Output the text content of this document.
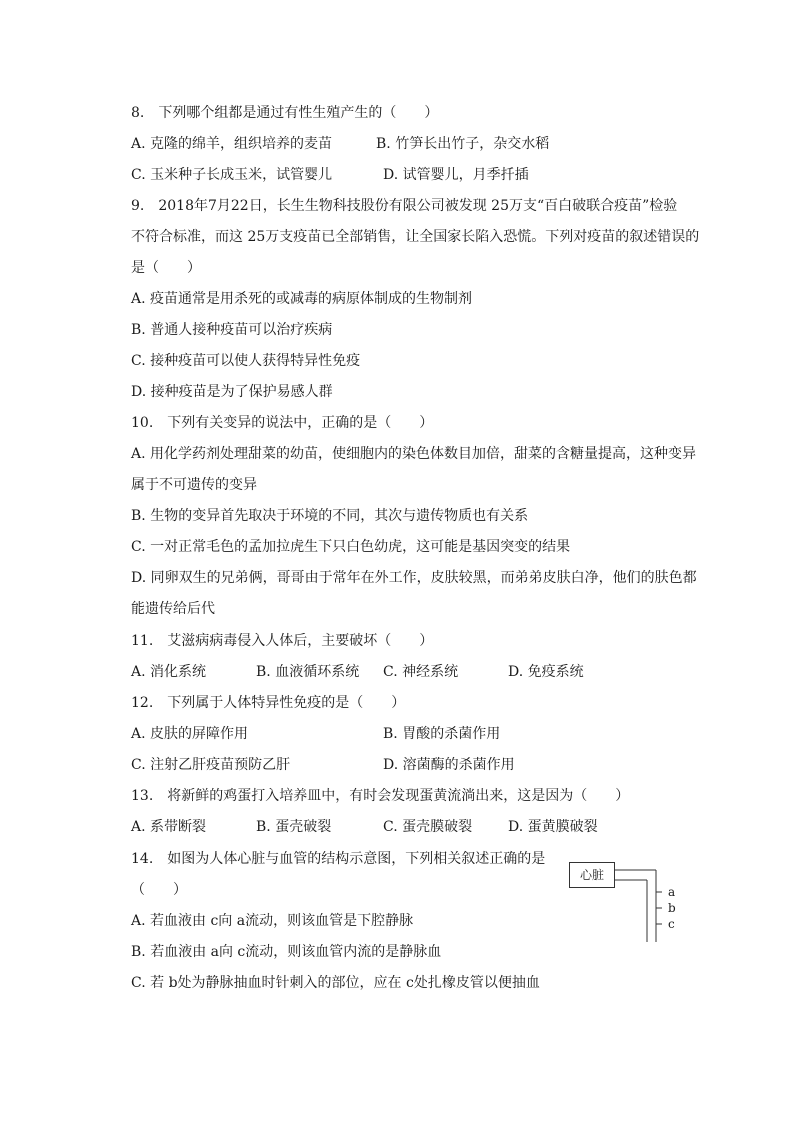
8.　下列哪个组都是通过有性生殖产生的（　　）
A. 克隆的绵羊，组织培养的麦苗	B. 竹笋长出竹子，杂交水稻
C. 玉米种子长成玉米，试管婴儿	D. 试管婴儿，月季扦插
9.　2018年7月22日，长生生物科技股份有限公司被发现 25万支“百白破联合疫苗”检验
不符合标准，而这 25万支疫苗已全部销售，让全国家长陷入恐慌。下列对疫苗的叙述错误的
是（　　）
A. 疫苗通常是用杀死的或减毒的病原体制成的生物制剂
B. 普通人接种疫苗可以治疗疾病
C. 接种疫苗可以使人获得特异性免疫
D. 接种疫苗是为了保护易感人群
10.　下列有关变异的说法中，正确的是（　　）
A. 用化学药剂处理甜菜的幼苗，使细胞内的染色体数目加倍，甜菜的含糖量提高，这种变异
属于不可遗传的变异
B. 生物的变异首先取决于环境的不同，其次与遗传物质也有关系
C. 一对正常毛色的孟加拉虎生下只白色幼虎，这可能是基因突变的结果
D. 同卵双生的兄弟俩，哥哥由于常年在外工作，皮肤较黑，而弟弟皮肤白净，他们的肤色都
能遗传给后代
11.　艾滋病病毒侵入人体后，主要破坏（　　）
A. 消化系统	B. 血液循环系统 C. 神经系统	D. 免疫系统
12.　下列属于人体特异性免疫的是（　　）
A. 皮肤的屏障作用	B. 胃酸的杀菌作用
C. 注射乙肝疫苗预防乙肝	D. 溶菌酶的杀菌作用
13.　将新鲜的鸡蛋打入培养皿中，有时会发现蛋黄流淌出来，这是因为（　　）
A. 系带断裂	B. 蛋壳破裂	C. 蛋壳膜破裂	D. 蛋黄膜破裂
14.　如图为人体心脏与血管的结构示意图，下列相关叙述正确的是
（　　）
A. 若血液由 c向 a流动，则该血管是下腔静脉
B. 若血液由 a向 c流动，则该血管内流的是静脉血
C. 若 b处为静脉抽血时针刺入的部位，应在 c处扎橡皮管以便抽血
心脏
a
b
c
